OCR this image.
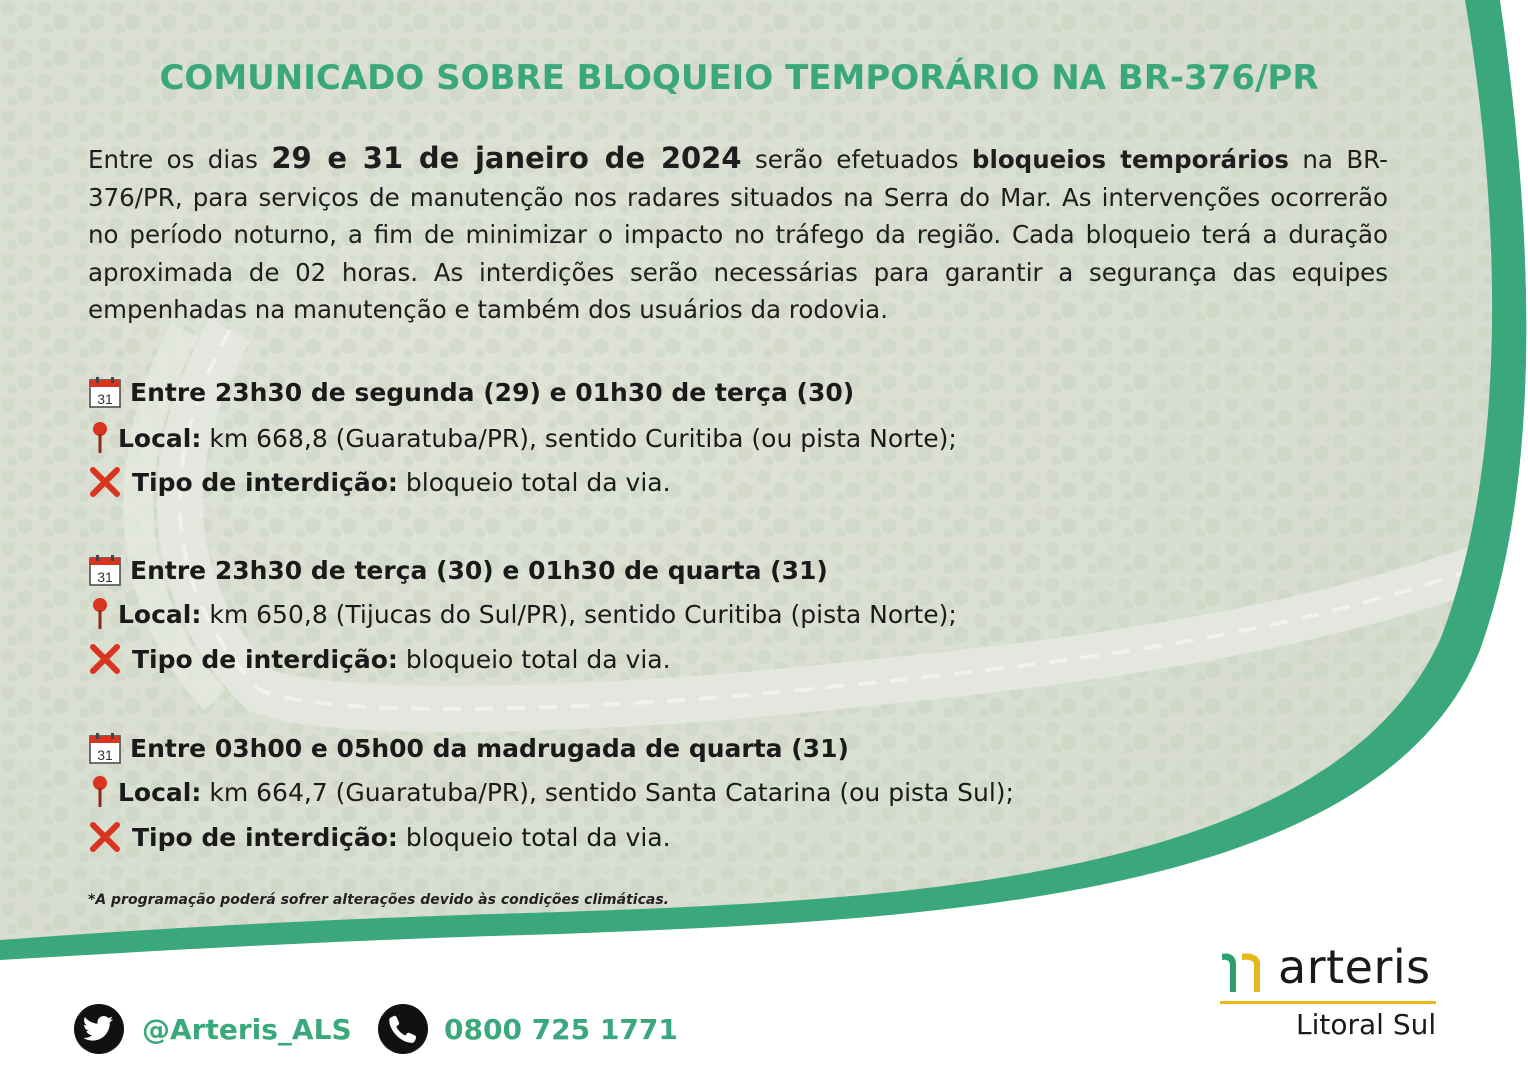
COMUNICADO SOBRE BLOQUEIO TEMPORÁRIO NA BR-376/PR
Entre os dias 29 e 31 de janeiro de 2024 serão efetuados bloqueios temporários na BR-376/PR, para serviços de manutenção nos radares situados na Serra do Mar. As intervenções ocorrerão no período noturno, a fim de minimizar o impacto no tráfego da região. Cada bloqueio terá a duração aproximada de 02 horas. As interdições serão necessárias para garantir a segurança das equipes empenhadas na manutenção e também dos usuários da rodovia.
31 Entre 23h30 de segunda (29) e 01h30 de terça (30)
Local: km 668,8 (Guaratuba/PR), sentido Curitiba (ou pista Norte);
Tipo de interdição: bloqueio total da via.
31 Entre 23h30 de terça (30) e 01h30 de quarta (31)
Local: km 650,8 (Tijucas do Sul/PR), sentido Curitiba (pista Norte);
Tipo de interdição: bloqueio total da via.
31 Entre 03h00 e 05h00 da madrugada de quarta (31)
Local: km 664,7 (Guaratuba/PR), sentido Santa Catarina (ou pista Sul);
Tipo de interdição: bloqueio total da via.
*A programação poderá sofrer alterações devido às condições climáticas.
@Arteris_ALS	0800 725 1771
arteris
Litoral Sul
